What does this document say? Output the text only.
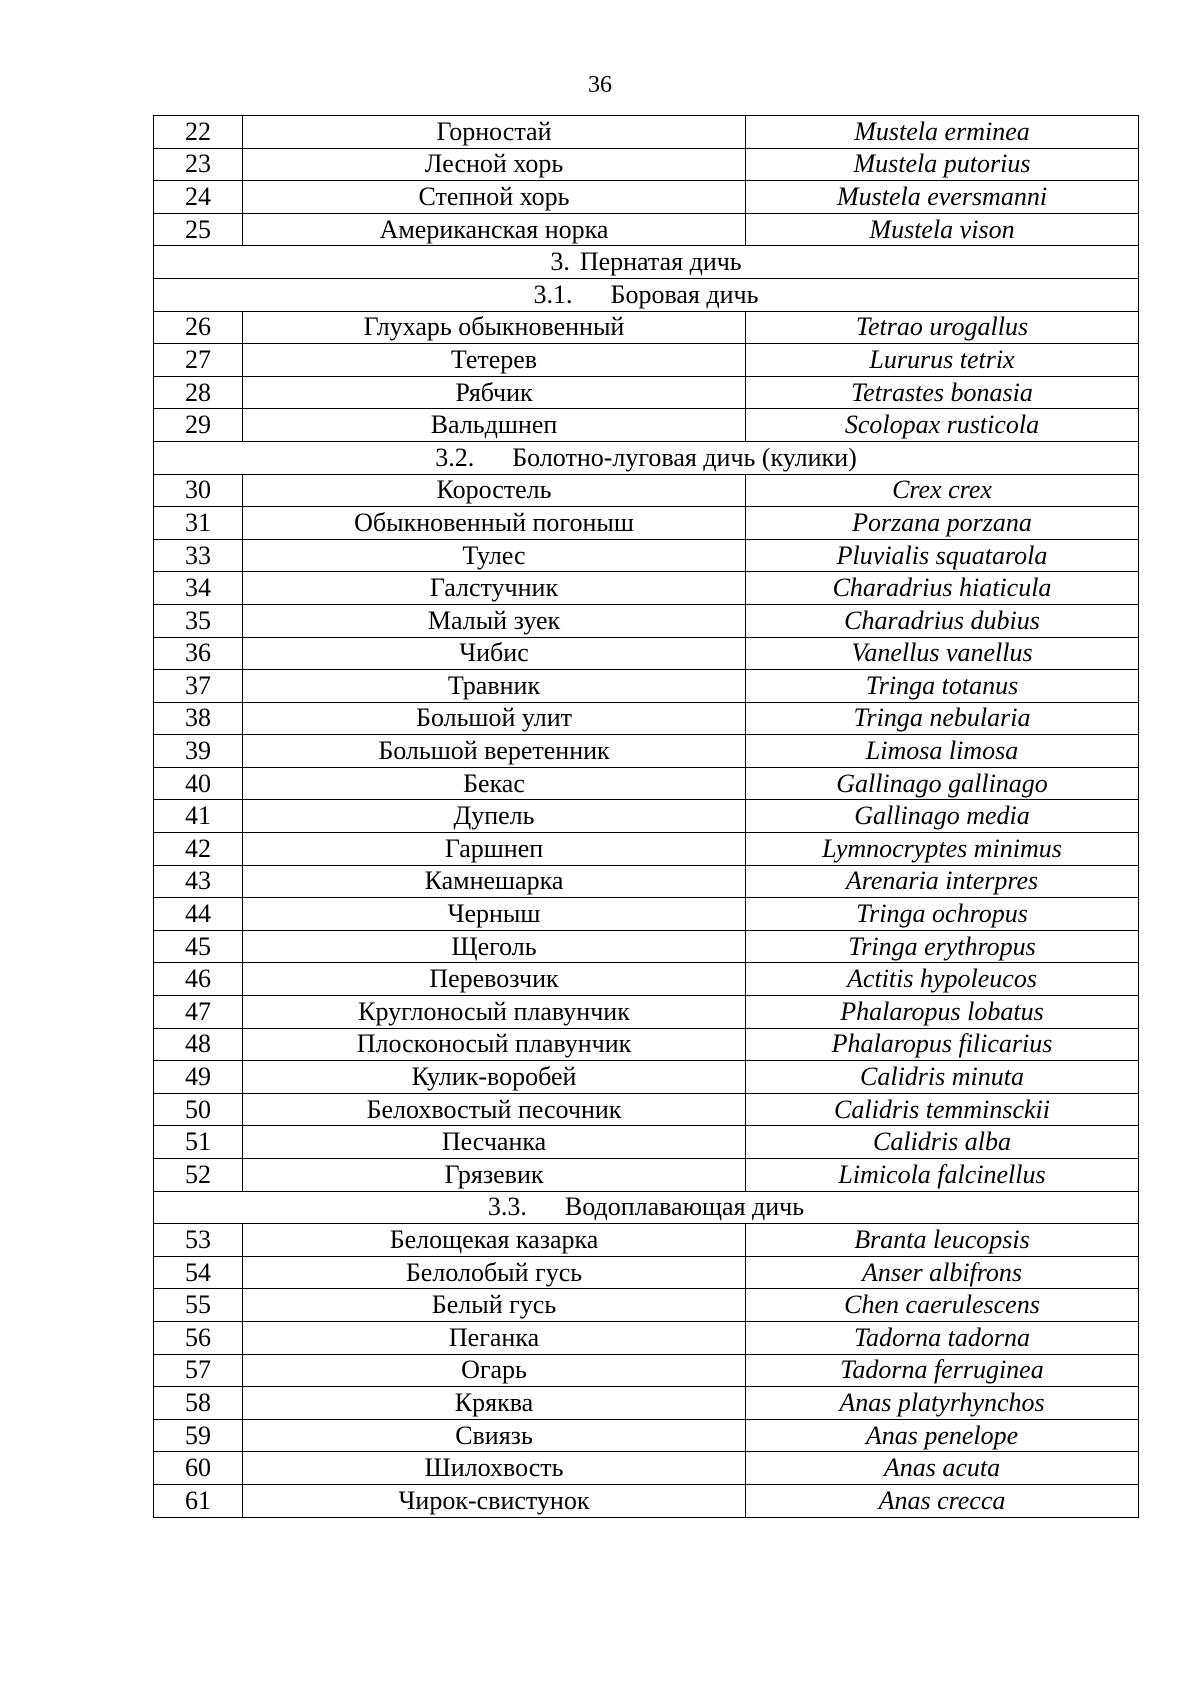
36
22	Горностай	Mustela erminea
23	Лесной хорь	Mustela putorius
24	Степной хорь	Mustela eversmanni
25	Американская норка	Mustela vison
3. Пернатая дичь		
3.1. Боровая дичь		
26	Глухарь обыкновенный	Tetrao urogallus
27	Тетерев	Lururus tetrix
28	Рябчик	Tetrastes bonasia
29	Вальдшнеп	Scolopax rusticola
3.2. Болотно-луговая дичь (кулики)		
30	Коростель	Crex crex
31	Обыкновенный погоныш	Porzana porzana
33	Тулес	Pluvialis squatarola
34	Галстучник	Charadrius hiaticula
35	Малый зуек	Charadrius dubius
36	Чибис	Vanellus vanellus
37	Травник	Tringa totanus
38	Большой улит	Tringa nebularia
39	Большой веретенник	Limosa limosa
40	Бекас	Gallinago gallinago
41	Дупель	Gallinago media
42	Гаршнеп	Lymnocryptes minimus
43	Камнешарка	Arenaria interpres
44	Черныш	Tringa ochropus
45	Щеголь	Tringa erythropus
46	Перевозчик	Actitis hypoleucos
47	Круглоносый плавунчик	Phalaropus lobatus
48	Плосконосый плавунчик	Phalaropus filicarius
49	Кулик-воробей	Calidris minuta
50	Белохвостый песочник	Calidris temminsckii
51	Песчанка	Calidris alba
52	Грязевик	Limicola falcinellus
3.3. Водоплавающая дичь		
53	Белощекая казарка	Branta leucopsis
54	Белолобый гусь	Anser albifrons
55	Белый гусь	Chen caerulescens
56	Пеганка	Tadorna tadorna
57	Огарь	Tadorna ferruginea
58	Кряква	Anas platyrhynchos
59	Свиязь	Anas penelope
60	Шилохвость	Anas acuta
61	Чирок-свистунок	Anas crecca
